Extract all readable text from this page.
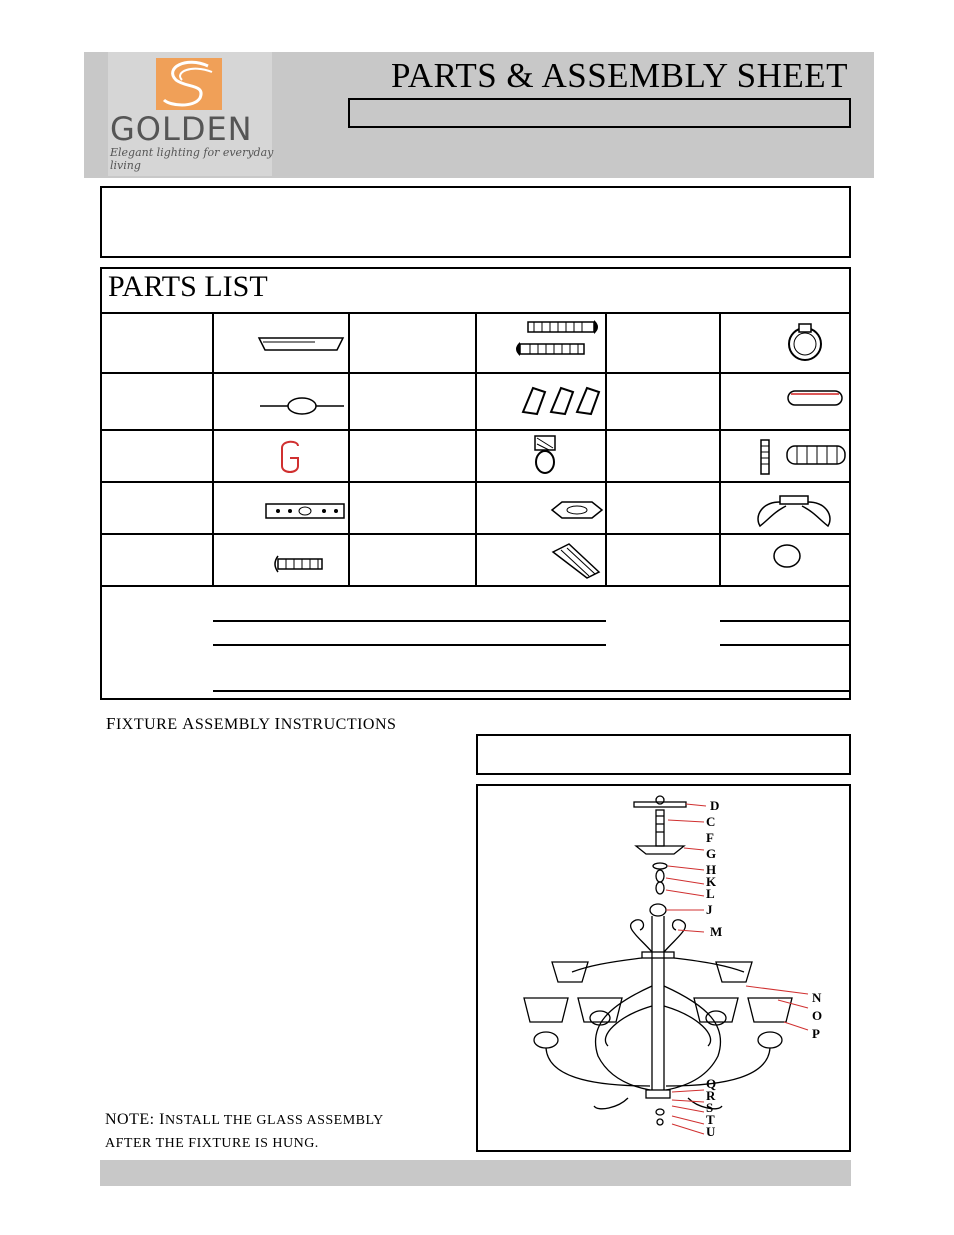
GOLDEN
Elegant lighting for everyday living
PARTS & ASSEMBLY SHEET
PARTS LIST
FIXTURE ASSEMBLY INSTRUCTIONS
D
C
F
G
H
K
L
J
M
N
O
P
Q
R
S
T
U
NOTE: INSTALL THE GLASS ASSEMBLY
AFTER THE FIXTURE IS HUNG.
